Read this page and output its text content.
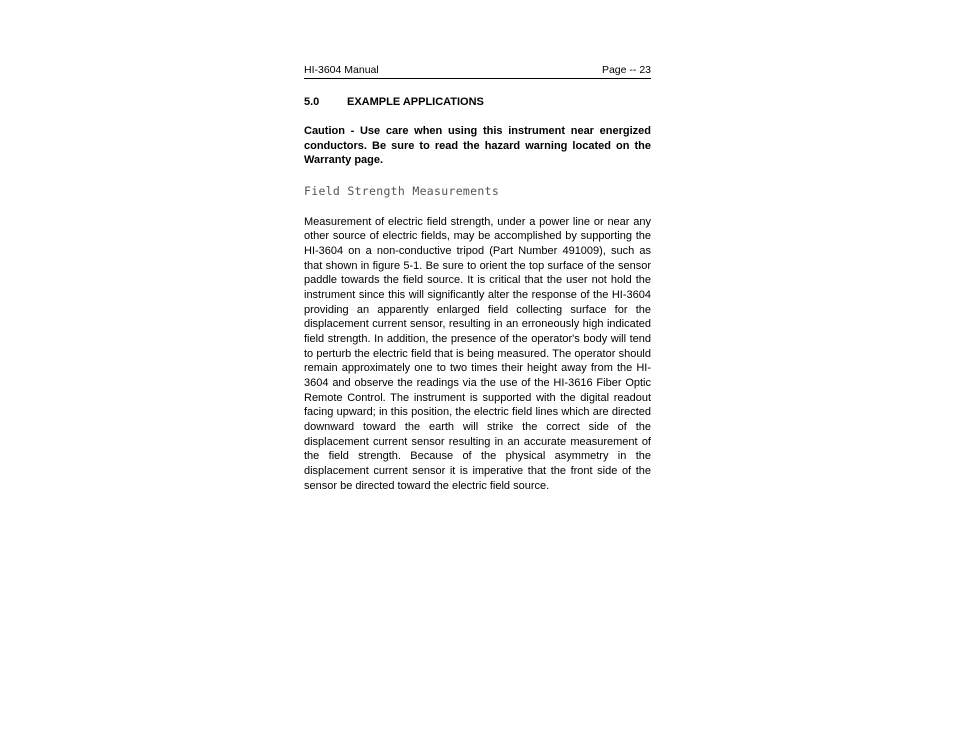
HI-3604 Manual	Page -- 23
5.0	EXAMPLE APPLICATIONS
Caution - Use care when using this instrument near energized conductors. Be sure to read the hazard warning located on the Warranty page.
Field Strength Measurements
Measurement of electric field strength, under a power line or near any other source of electric fields, may be accomplished by supporting the HI-3604 on a non-conductive tripod (Part Number 491009), such as that shown in figure 5-1. Be sure to orient the top surface of the sensor paddle towards the field source. It is critical that the user not hold the instrument since this will significantly alter the response of the HI-3604 providing an apparently enlarged field collecting surface for the displacement current sensor, resulting in an erroneously high indicated field strength. In addition, the presence of the operator's body will tend to perturb the electric field that is being measured. The operator should remain approximately one to two times their height away from the HI-3604 and observe the readings via the use of the HI-3616 Fiber Optic Remote Control. The instrument is supported with the digital readout facing upward; in this position, the electric field lines which are directed downward toward the earth will strike the correct side of the displacement current sensor resulting in an accurate measurement of the field strength. Because of the physical asymmetry in the displacement current sensor it is imperative that the front side of the sensor be directed toward the electric field source.
